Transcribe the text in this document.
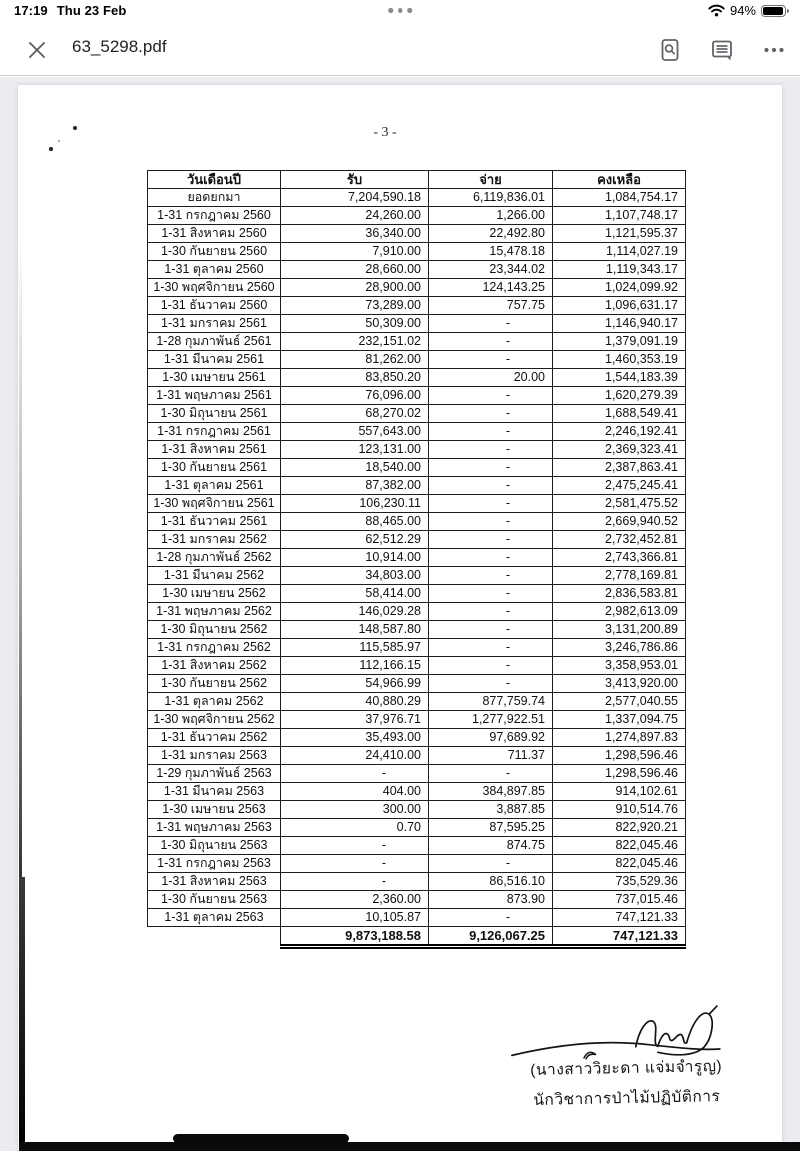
17:19 Thu 23 Feb	94%
63_5298.pdf
- 3 -
วันเดือนปี	รับ	จ่าย	คงเหลือ
ยอดยกมา	7,204,590.18	6,119,836.01	1,084,754.17
1-31 กรกฎาคม 2560	24,260.00	1,266.00	1,107,748.17
1-31 สิงหาคม 2560	36,340.00	22,492.80	1,121,595.37
1-30 กันยายน 2560	7,910.00	15,478.18	1,114,027.19
1-31 ตุลาคม 2560	28,660.00	23,344.02	1,119,343.17
1-30 พฤศจิกายน 2560	28,900.00	124,143.25	1,024,099.92
1-31 ธันวาคม 2560	73,289.00	757.75	1,096,631.17
1-31 มกราคม 2561	50,309.00	-	1,146,940.17
1-28 กุมภาพันธ์ 2561	232,151.02	-	1,379,091.19
1-31 มีนาคม 2561	81,262.00	-	1,460,353.19
1-30 เมษายน 2561	83,850.20	20.00	1,544,183.39
1-31 พฤษภาคม 2561	76,096.00	-	1,620,279.39
1-30 มิถุนายน 2561	68,270.02	-	1,688,549.41
1-31 กรกฎาคม 2561	557,643.00	-	2,246,192.41
1-31 สิงหาคม 2561	123,131.00	-	2,369,323.41
1-30 กันยายน 2561	18,540.00	-	2,387,863.41
1-31 ตุลาคม 2561	87,382.00	-	2,475,245.41
1-30 พฤศจิกายน 2561	106,230.11	-	2,581,475.52
1-31 ธันวาคม 2561	88,465.00	-	2,669,940.52
1-31 มกราคม 2562	62,512.29	-	2,732,452.81
1-28 กุมภาพันธ์ 2562	10,914.00	-	2,743,366.81
1-31 มีนาคม 2562	34,803.00	-	2,778,169.81
1-30 เมษายน 2562	58,414.00	-	2,836,583.81
1-31 พฤษภาคม 2562	146,029.28	-	2,982,613.09
1-30 มิถุนายน 2562	148,587.80	-	3,131,200.89
1-31 กรกฎาคม 2562	115,585.97	-	3,246,786.86
1-31 สิงหาคม 2562	112,166.15	-	3,358,953.01
1-30 กันยายน 2562	54,966.99	-	3,413,920.00
1-31 ตุลาคม 2562	40,880.29	877,759.74	2,577,040.55
1-30 พฤศจิกายน 2562	37,976.71	1,277,922.51	1,337,094.75
1-31 ธันวาคม 2562	35,493.00	97,689.92	1,274,897.83
1-31 มกราคม 2563	24,410.00	711.37	1,298,596.46
1-29 กุมภาพันธ์ 2563	-	-	1,298,596.46
1-31 มีนาคม 2563	404.00	384,897.85	914,102.61
1-30 เมษายน 2563	300.00	3,887.85	910,514.76
1-31 พฤษภาคม 2563	0.70	87,595.25	822,920.21
1-30 มิถุนายน 2563	-	874.75	822,045.46
1-31 กรกฎาคม 2563	-	-	822,045.46
1-31 สิงหาคม 2563	-	86,516.10	735,529.36
1-30 กันยายน 2563	2,360.00	873.90	737,015.46
1-31 ตุลาคม 2563	10,105.87	-	747,121.33
	9,873,188.58	9,126,067.25	747,121.33
(นางสาววิยะดา แจ่มจำรูญ)
นักวิชาการป่าไม้ปฏิบัติการ
